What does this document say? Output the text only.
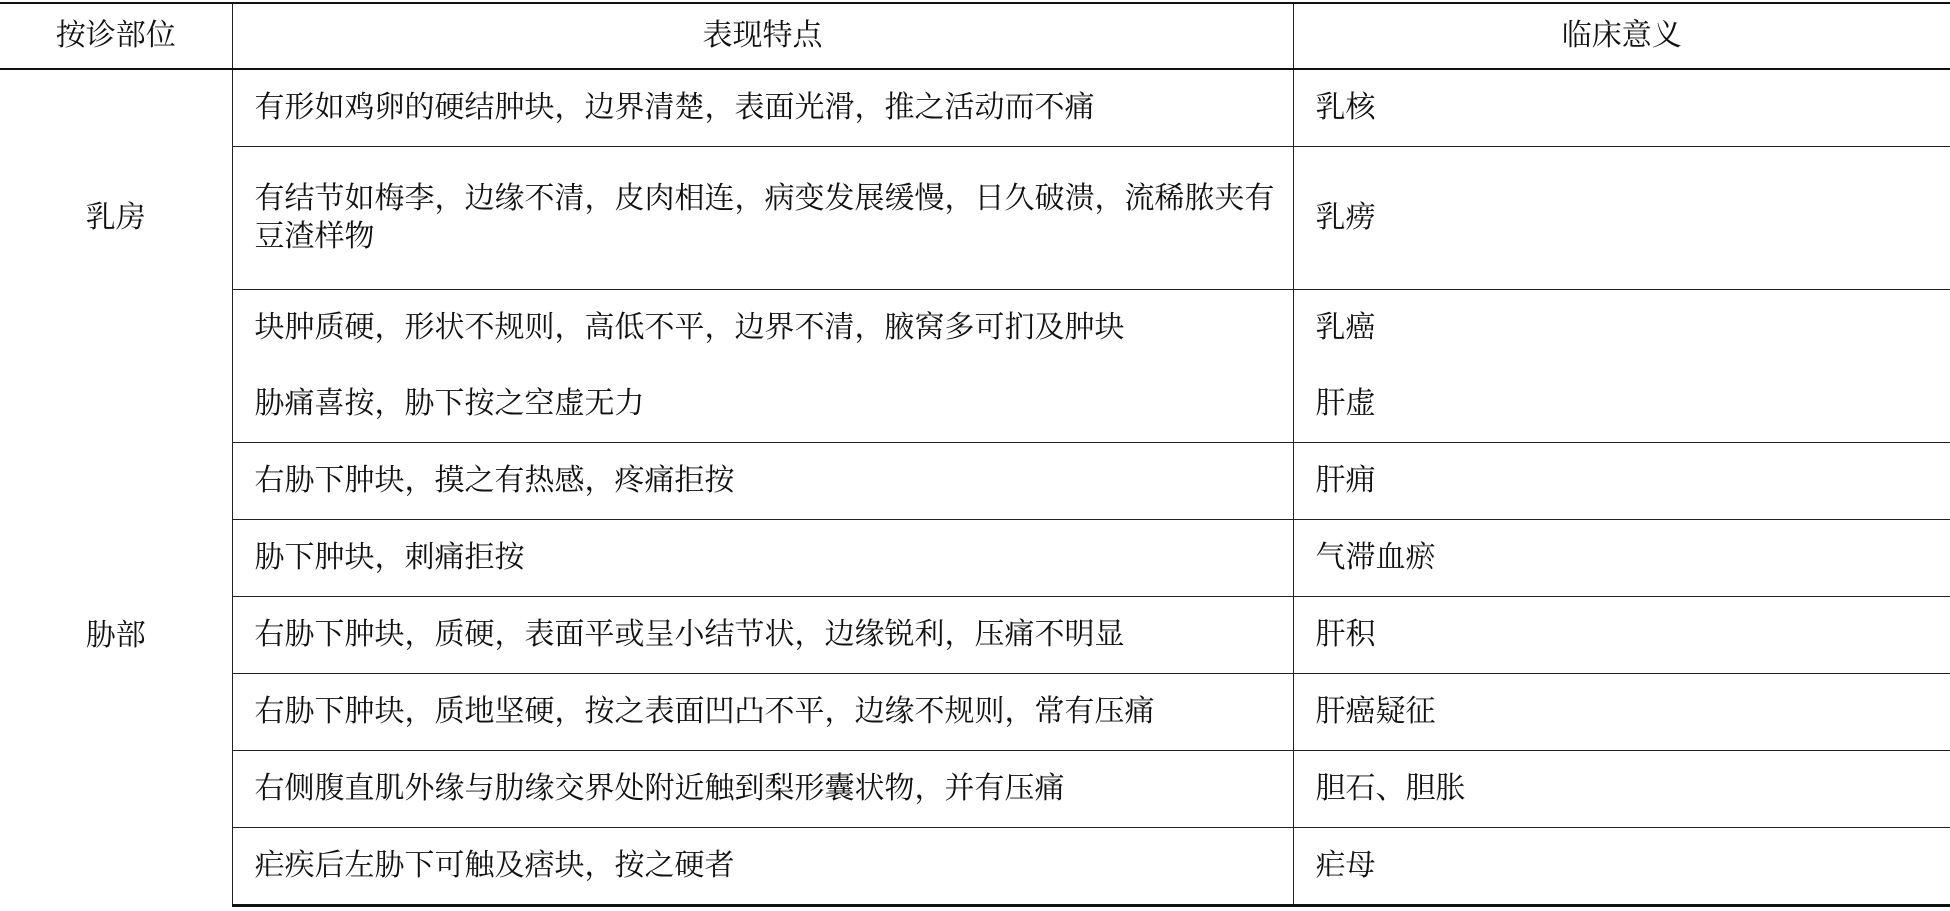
按诊部位	表现特点	临床意义
乳房	有形如鸡卵的硬结肿块，边界清楚，表面光滑，推之活动而不痛	乳核
	有结节如梅李，边缘不清，皮肉相连，病变发展缓慢，日久破溃，流稀脓夹有豆渣样物	乳痨
	块肿质硬，形状不规则，高低不平，边界不清，腋窝多可扪及肿块	乳癌
胁部	胁痛喜按，胁下按之空虚无力	肝虚
	右胁下肿块，摸之有热感，疼痛拒按	肝痈
	胁下肿块，刺痛拒按	气滞血瘀
	右胁下肿块，质硬，表面平或呈小结节状，边缘锐利，压痛不明显	肝积
	右胁下肿块，质地坚硬，按之表面凹凸不平，边缘不规则，常有压痛	肝癌疑征
	右侧腹直肌外缘与肋缘交界处附近触到梨形囊状物，并有压痛	胆石、胆胀
	疟疾后左胁下可触及痞块，按之硬者	疟母
